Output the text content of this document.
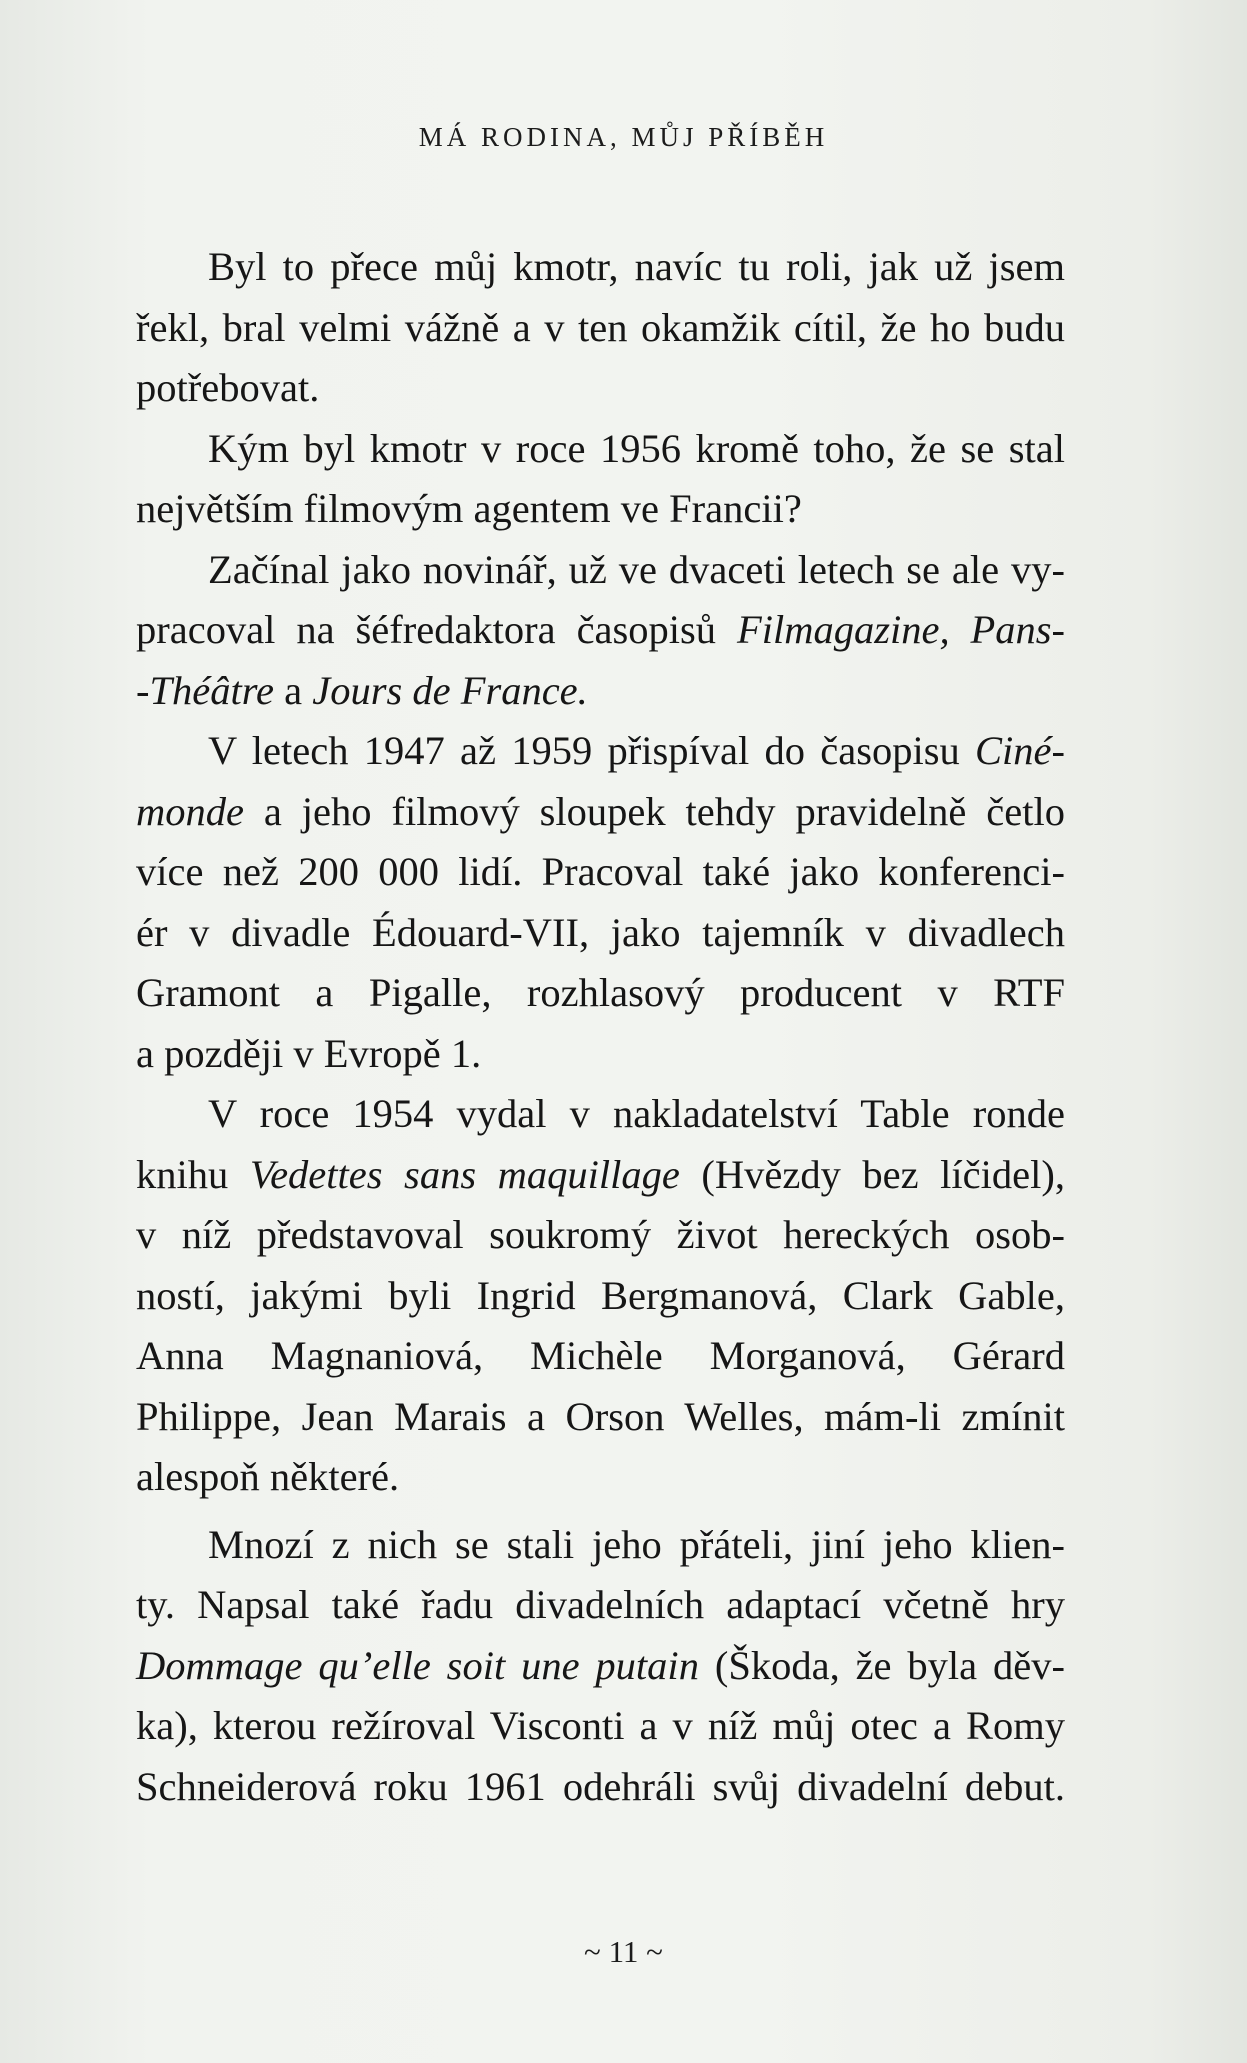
MÁ RODINA, MŮJ PŘÍBĚH
Byl to přece můj kmotr, navíc tu roli, jak už jsem
řekl, bral velmi vážně a v ten okamžik cítil, že ho budu
potřebovat.
Kým byl kmotr v roce 1956 kromě toho, že se stal
největším filmovým agentem ve Francii?
Začínal jako novinář, už ve dvaceti letech se ale vy-
pracoval na šéfredaktora časopisů Filmagazine, Pans-
-Théâtre a Jours de France.
V letech 1947 až 1959 přispíval do časopisu Ciné-
monde a jeho filmový sloupek tehdy pravidelně četlo
více než 200 000 lidí. Pracoval také jako konferenci-
ér v divadle Édouard-VII, jako tajemník v divadlech
Gramont a Pigalle, rozhlasový producent v RTF
a později v Evropě 1.
V roce 1954 vydal v nakladatelství Table ronde
knihu Vedettes sans maquillage (Hvězdy bez líčidel),
v níž představoval soukromý život hereckých osob-
ností, jakými byli Ingrid Bergmanová, Clark Gable,
Anna Magnaniová, Michèle Morganová, Gérard
Philippe, Jean Marais a Orson Welles, mám-li zmínit
alespoň některé.
Mnozí z nich se stali jeho přáteli, jiní jeho klien-
ty. Napsal také řadu divadelních adaptací včetně hry
Dommage qu’elle soit une putain (Škoda, že byla děv-
ka), kterou režíroval Visconti a v níž můj otec a Romy
Schneiderová roku 1961 odehráli svůj divadelní debut.
~ 11 ~
